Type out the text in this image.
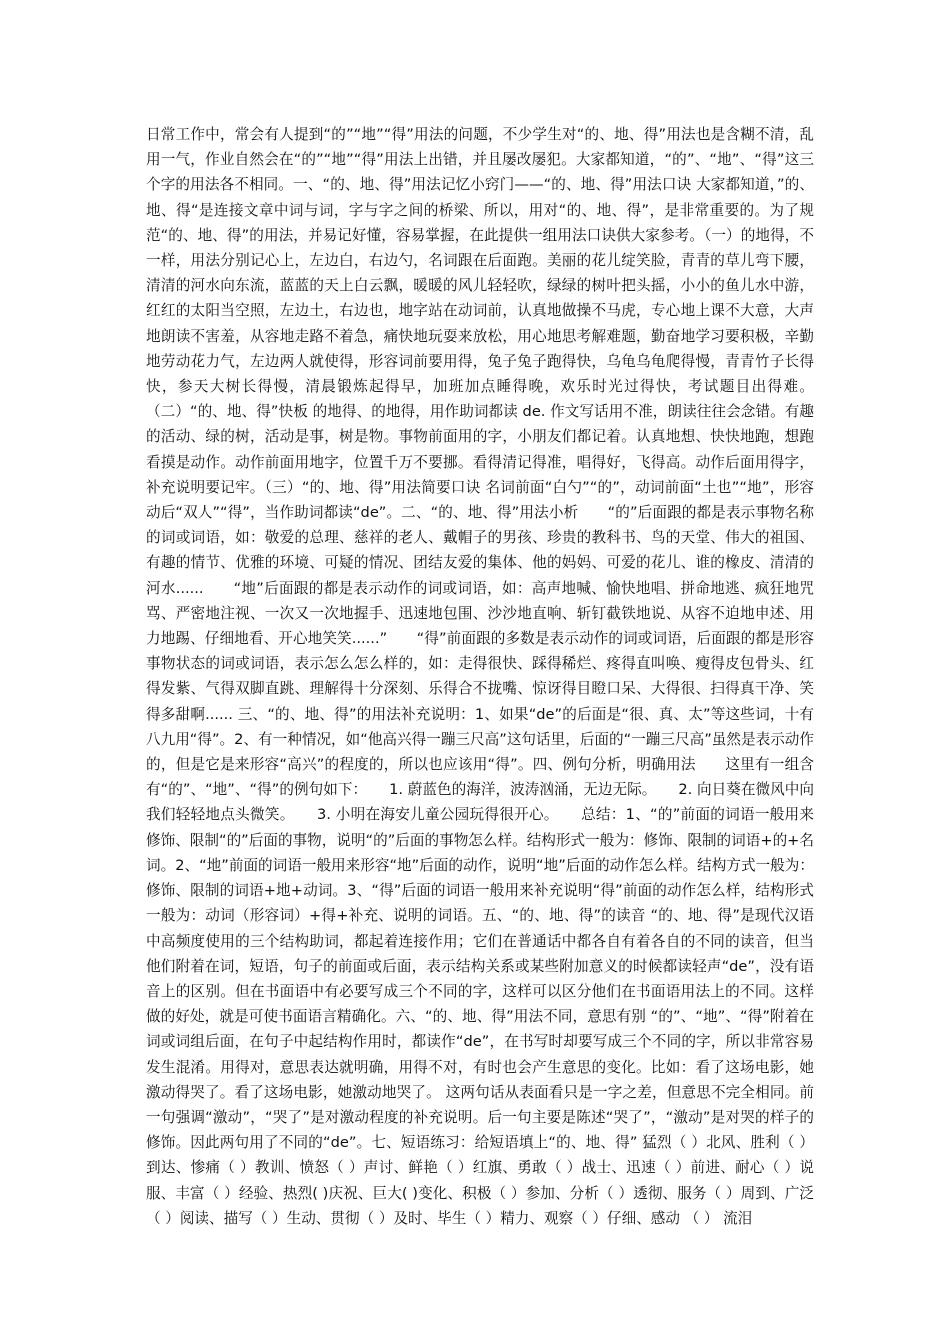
日常工作中，常会有人提到“的”“地”“得”用法的问题，不少学生对“的、地、得”用法也是含糊不清，乱用一气，作业自然会在“的”“地”“得”用法上出错，并且屡改屡犯。大家都知道，“的”、“地”、“得”这三个字的用法各不相同。一、“的、地、得”用法记忆小窍门——“的、地、得”用法口诀 大家都知道，”的、地、得“是连接文章中词与词，字与字之间的桥梁、所以，用对“的、地、得”，是非常重要的。为了规范“的、地、得”的用法，并易记好懂，容易掌握，在此提供一组用法口诀供大家参考。（一）的地得，不一样，用法分别记心上，左边白，右边勺，名词跟在后面跑。美丽的花儿绽笑脸，青青的草儿弯下腰，清清的河水向东流，蓝蓝的天上白云飘，暖暖的风儿轻轻吹，绿绿的树叶把头摇，小小的鱼儿水中游，红红的太阳当空照，左边土，右边也，地字站在动词前，认真地做操不马虎，专心地上课不大意，大声地朗读不害羞，从容地走路不着急，痛快地玩耍来放松，用心地思考解难题，勤奋地学习要积极，辛勤地劳动花力气，左边两人就使得，形容词前要用得，兔子兔子跑得快，乌龟乌龟爬得慢，青青竹子长得快，参天大树长得慢，清晨锻炼起得早，加班加点睡得晚，欢乐时光过得快，考试题目出得难。（二）“的、地、得”快板 的地得、的地得，用作助词都读 de. 作文写话用不准，朗读往往会念错。有趣的活动、绿的树，活动是事，树是物。事物前面用的字，小朋友们都记着。认真地想、快快地跑，想跑看摸是动作。动作前面用地字，位置千万不要挪。看得清记得准，唱得好，飞得高。动作后面用得字，补充说明要记牢。（三）“的、地、得”用法简要口诀 名词前面“白勺”“的”，动词前面“土也”“地”，形容动后“双人”“得”，当作助词都读“de”。二、“的、地、得”用法小析　　“的”后面跟的都是表示事物名称的词或词语，如：敬爱的总理、慈祥的老人、戴帽子的男孩、珍贵的教科书、鸟的天堂、伟大的祖国、有趣的情节、优雅的环境、可疑的情况、团结友爱的集体、他的妈妈、可爱的花儿、谁的橡皮、清清的河水......　　“地”后面跟的都是表示动作的词或词语，如：高声地喊、愉快地唱、拼命地逃、疯狂地咒骂、严密地注视、一次又一次地握手、迅速地包围、沙沙地直响、斩钉截铁地说、从容不迫地申述、用力地踢、仔细地看、开心地笑笑......”　　“得”前面跟的多数是表示动作的词或词语，后面跟的都是形容事物状态的词或词语，表示怎么怎么样的，如：走得很快、踩得稀烂、疼得直叫唤、瘦得皮包骨头、红得发紫、气得双脚直跳、理解得十分深刻、乐得合不拢嘴、惊讶得目瞪口呆、大得很、扫得真干净、笑得多甜啊...... 三、“的、地、得”的用法补充说明：1、如果“de”的后面是“很、真、太”等这些词，十有八九用“得”。2、有一种情况，如“他高兴得一蹦三尺高”这句话里，后面的“一蹦三尺高”虽然是表示动作的，但是它是来形容“高兴”的程度的，所以也应该用“得”。四、例句分析，明确用法　　这里有一组含有“的”、“地”、“得”的例句如下：　　1. 蔚蓝色的海洋，波涛汹涌，无边无际。　　2. 向日葵在微风中向我们轻轻地点头微笑。　　3. 小明在海安儿童公园玩得很开心。　　总结：1、“的”前面的词语一般用来修饰、限制“的”后面的事物，说明“的”后面的事物怎么样。结构形式一般为：修饰、限制的词语+的+名词。2、“地”前面的词语一般用来形容“地”后面的动作，说明“地”后面的动作怎么样。结构方式一般为：修饰、限制的词语+地+动词。3、“得”后面的词语一般用来补充说明“得”前面的动作怎么样，结构形式一般为：动词（形容词）+得+补充、说明的词语。五、“的、地、得”的读音 “的、地、得”是现代汉语中高频度使用的三个结构助词，都起着连接作用；它们在普通话中都各自有着各自的不同的读音，但当他们附着在词，短语，句子的前面或后面，表示结构关系或某些附加意义的时候都读轻声“de”，没有语音上的区别。但在书面语中有必要写成三个不同的字，这样可以区分他们在书面语用法上的不同。这样做的好处，就是可使书面语言精确化。六、“的、地、得”用法不同，意思有别 “的”、“地”、“得”附着在词或词组后面，在句子中起结构作用时，都读作“de”，在书写时却要写成三个不同的字，所以非常容易发生混淆。用得对，意思表达就明确，用得不对，有时也会产生意思的变化。比如：看了这场电影，她激动得哭了。看了这场电影，她激动地哭了。 这两句话从表面看只是一字之差，但意思不完全相同。前一句强调“激动”，“哭了”是对激动程度的补充说明。后一句主要是陈述“哭了”，“激动”是对哭的样子的修饰。因此两句用了不同的“de”。七、短语练习：给短语填上“的、地、得” 猛烈（ ）北风、胜利（ ）到达、惨痛（ ）教训、愤怒（ ）声讨、鲜艳（ ）红旗、勇敢（ ）战士、迅速（ ）前进、耐心（ ）说服、丰富（ ）经验、热烈( )庆祝、巨大( )变化、积极（ ）参加、分析（ ）透彻、服务（ ）周到、广泛（ ）阅读、描写（ ）生动、贯彻（ ）及时、毕生（ ）精力、观察（ ）仔细、感动 （ ） 流泪
